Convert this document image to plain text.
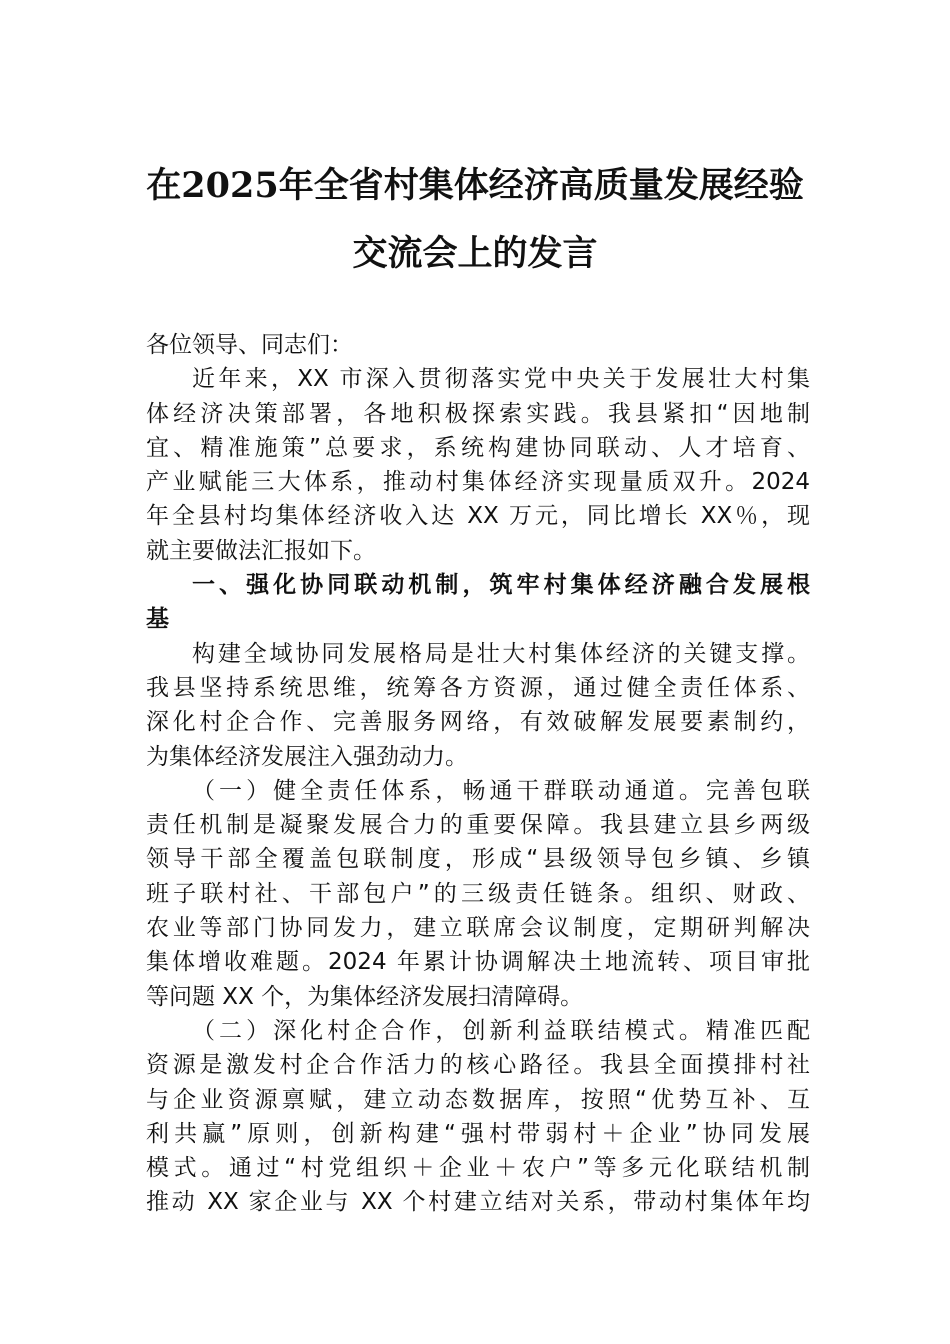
在2025年全省村集体经济高质量发展经验
交流会上的发言
各位领导、同志们：
近年来，XX 市深入贯彻落实党中央关于发展壮大村集
体经济决策部署，各地积极探索实践。我县紧扣“因地制
宜、精准施策”总要求，系统构建协同联动、人才培育、
产业赋能三大体系，推动村集体经济实现量质双升。2024
年全县村均集体经济收入达 XX 万元，同比增长 XX％，现
就主要做法汇报如下。
一、强化协同联动机制，筑牢村集体经济融合发展根
基
构建全域协同发展格局是壮大村集体经济的关键支撑。
我县坚持系统思维，统筹各方资源，通过健全责任体系、
深化村企合作、完善服务网络，有效破解发展要素制约，
为集体经济发展注入强劲动力。
（一）健全责任体系，畅通干群联动通道。完善包联
责任机制是凝聚发展合力的重要保障。我县建立县乡两级
领导干部全覆盖包联制度，形成“县级领导包乡镇、乡镇
班子联村社、干部包户”的三级责任链条。组织、财政、
农业等部门协同发力，建立联席会议制度，定期研判解决
集体增收难题。2024 年累计协调解决土地流转、项目审批
等问题 XX 个，为集体经济发展扫清障碍。
（二）深化村企合作，创新利益联结模式。精准匹配
资源是激发村企合作活力的核心路径。我县全面摸排村社
与企业资源禀赋，建立动态数据库，按照“优势互补、互
利共赢”原则，创新构建“强村带弱村＋企业”协同发展
模式。通过“村党组织＋企业＋农户”等多元化联结机制
推动 XX 家企业与 XX 个村建立结对关系，带动村集体年均
